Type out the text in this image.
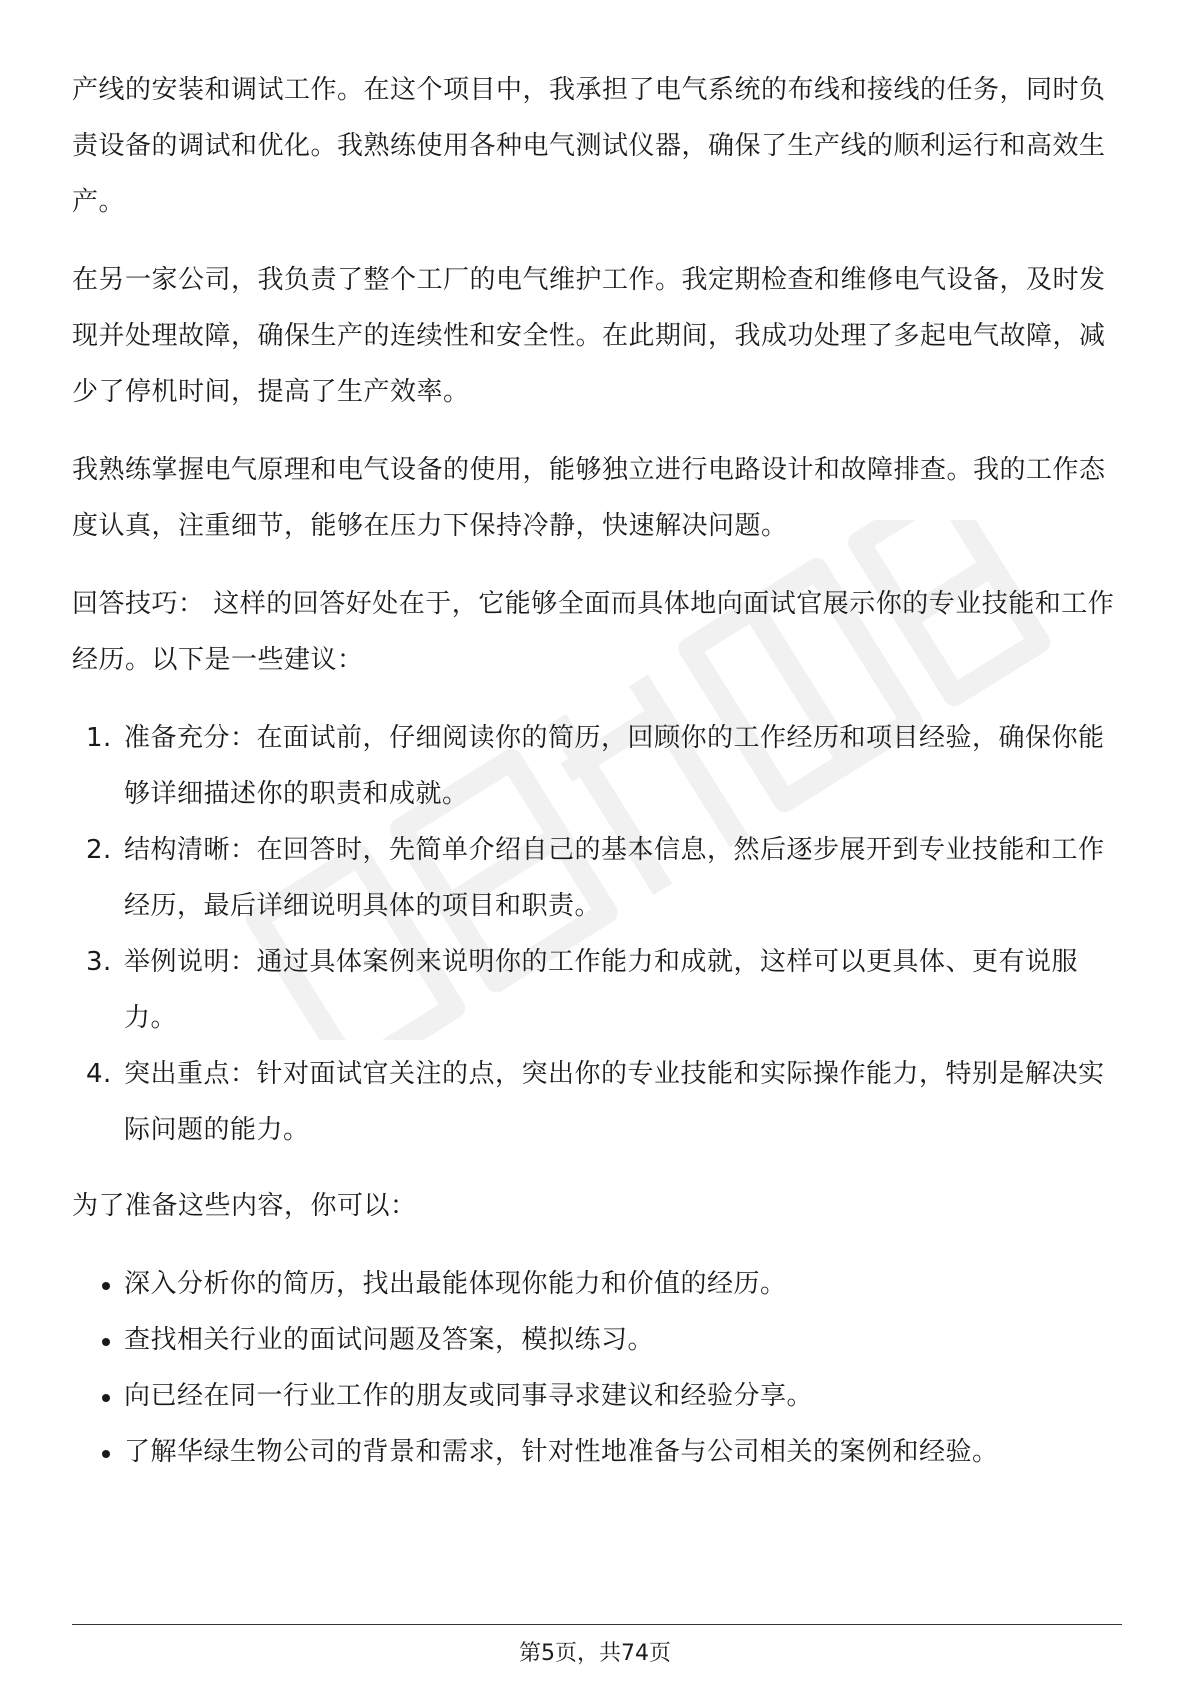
产线的安装和调试工作。在这个项目中，我承担了电气系统的布线和接线的任务，同时负责设备的调试和优化。我熟练使用各种电气测试仪器，确保了生产线的顺利运行和高效生产。

在另一家公司，我负责了整个工厂的电气维护工作。我定期检查和维修电气设备，及时发现并处理故障，确保生产的连续性和安全性。在此期间，我成功处理了多起电气故障，减少了停机时间，提高了生产效率。

我熟练掌握电气原理和电气设备的使用，能够独立进行电路设计和故障排查。我的工作态度认真，注重细节，能够在压力下保持冷静，快速解决问题。

回答技巧： 这样的回答好处在于，它能够全面而具体地向面试官展示你的专业技能和工作经历。以下是一些建议：

1. 准备充分：在面试前，仔细阅读你的简历，回顾你的工作经历和项目经验，确保你能够详细描述你的职责和成就。
2. 结构清晰：在回答时，先简单介绍自己的基本信息，然后逐步展开到专业技能和工作经历，最后详细说明具体的项目和职责。
3. 举例说明：通过具体案例来说明你的工作能力和成就，这样可以更具体、更有说服力。
4. 突出重点：针对面试官关注的点，突出你的专业技能和实际操作能力，特别是解决实际问题的能力。

为了准备这些内容，你可以：

深入分析你的简历，找出最能体现你能力和价值的经历。
查找相关行业的面试问题及答案，模拟练习。
向已经在同一行业工作的朋友或同事寻求建议和经验分享。
了解华绿生物公司的背景和需求，针对性地准备与公司相关的案例和经验。
第5页，共74页
